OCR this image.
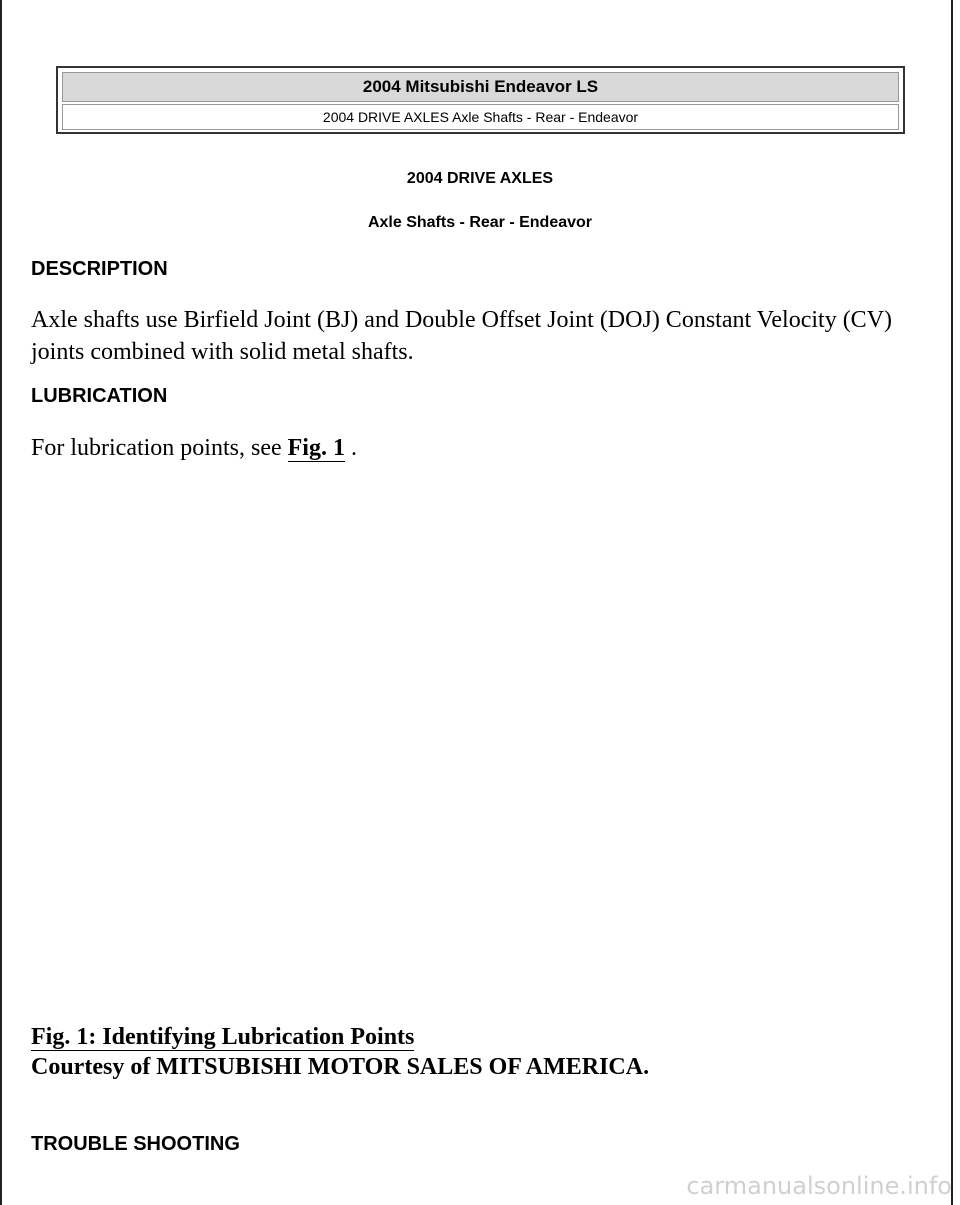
2004 Mitsubishi Endeavor LS
2004 DRIVE AXLES Axle Shafts - Rear - Endeavor
2004 DRIVE AXLES
Axle Shafts - Rear - Endeavor
DESCRIPTION
Axle shafts use Birfield Joint (BJ) and Double Offset Joint (DOJ) Constant Velocity (CV) joints combined with solid metal shafts.
LUBRICATION
For lubrication points, see Fig. 1 .
Fig. 1: Identifying Lubrication Points
Courtesy of MITSUBISHI MOTOR SALES OF AMERICA.
TROUBLE SHOOTING
carmanualsonline.info
